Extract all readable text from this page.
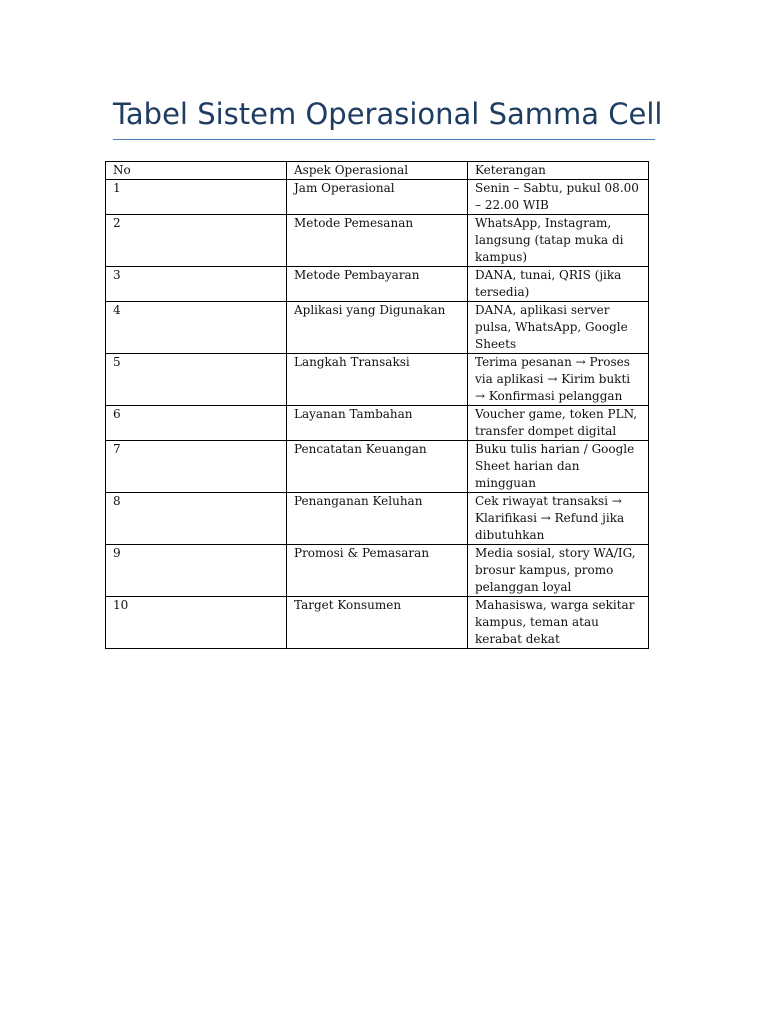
Tabel Sistem Operasional Samma Cell
No	Aspek Operasional	Keterangan
1	Jam Operasional	Senin – Sabtu, pukul 08.00 – 22.00 WIB
2	Metode Pemesanan	WhatsApp, Instagram, langsung (tatap muka di kampus)
3	Metode Pembayaran	DANA, tunai, QRIS (jika tersedia)
4	Aplikasi yang Digunakan	DANA, aplikasi server pulsa, WhatsApp, Google Sheets
5	Langkah Transaksi	Terima pesanan → Proses via aplikasi → Kirim bukti → Konfirmasi pelanggan
6	Layanan Tambahan	Voucher game, token PLN, transfer dompet digital
7	Pencatatan Keuangan	Buku tulis harian / Google Sheet harian dan mingguan
8	Penanganan Keluhan	Cek riwayat transaksi → Klarifikasi → Refund jika dibutuhkan
9	Promosi & Pemasaran	Media sosial, story WA/IG, brosur kampus, promo pelanggan loyal
10	Target Konsumen	Mahasiswa, warga sekitar kampus, teman atau kerabat dekat
